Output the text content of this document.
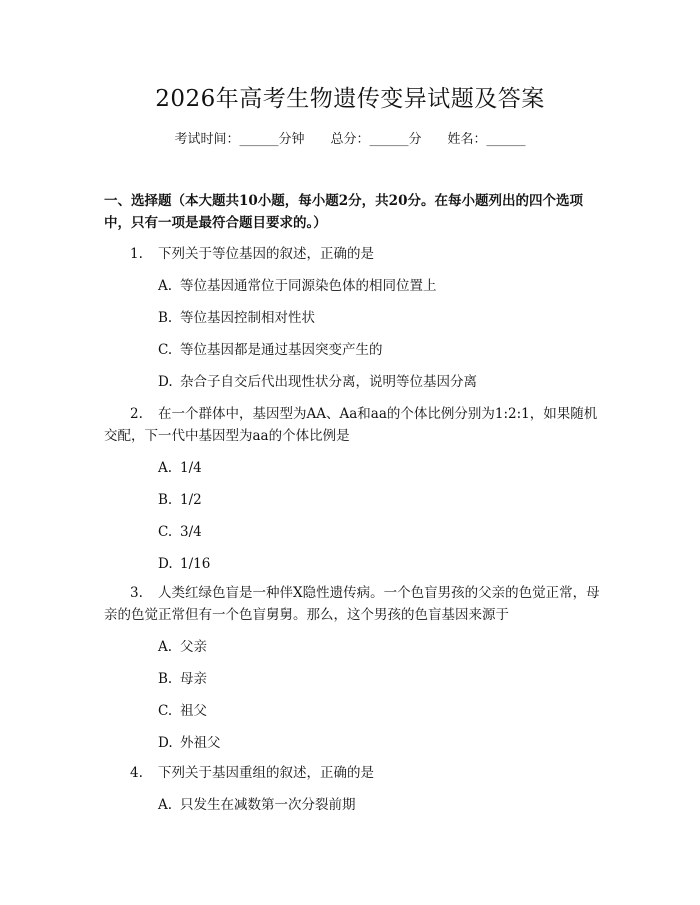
2026年高考生物遗传变异试题及答案
考试时间：______分钟 总分：______分 姓名：______
一、选择题（本大题共10小题，每小题2分，共20分。在每小题列出的四个选项中，只有一项是最符合题目要求的。）
1. 下列关于等位基因的叙述，正确的是
A. 等位基因通常位于同源染色体的相同位置上
B. 等位基因控制相对性状
C. 等位基因都是通过基因突变产生的
D. 杂合子自交后代出现性状分离，说明等位基因分离
2. 在一个群体中，基因型为AA、Aa和aa的个体比例分别为1:2:1，如果随机交配，下一代中基因型为aa的个体比例是
A. 1/4
B. 1/2
C. 3/4
D. 1/16
3. 人类红绿色盲是一种伴X隐性遗传病。一个色盲男孩的父亲的色觉正常，母亲的色觉正常但有一个色盲舅舅。那么，这个男孩的色盲基因来源于
A. 父亲
B. 母亲
C. 祖父
D. 外祖父
4. 下列关于基因重组的叙述，正确的是
A. 只发生在减数第一次分裂前期
